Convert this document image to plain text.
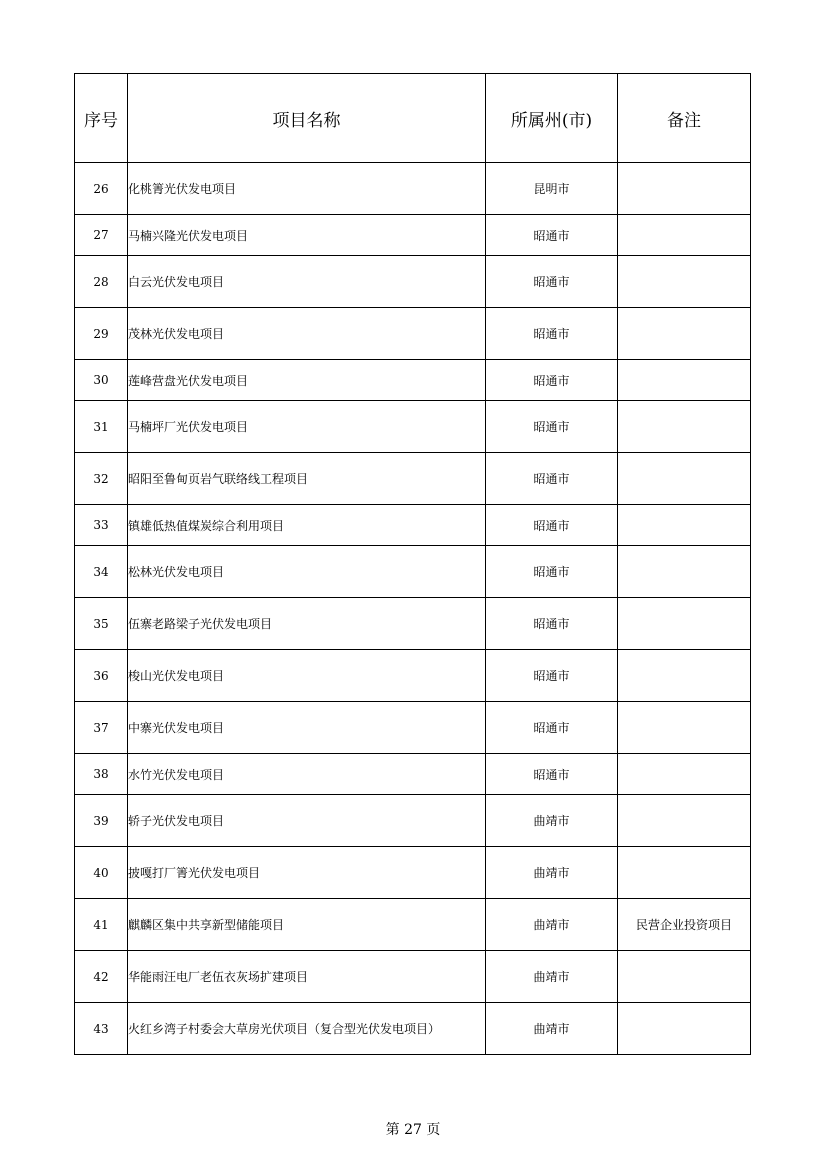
序号	项目名称	所属州(市)	备注
26	化桃箐光伏发电项目	昆明市	
27	马楠兴隆光伏发电项目	昭通市	
28	白云光伏发电项目	昭通市	
29	茂林光伏发电项目	昭通市	
30	莲峰营盘光伏发电项目	昭通市	
31	马楠坪厂光伏发电项目	昭通市	
32	昭阳至鲁甸页岩气联络线工程项目	昭通市	
33	镇雄低热值煤炭综合利用项目	昭通市	
34	松林光伏发电项目	昭通市	
35	伍寨老路梁子光伏发电项目	昭通市	
36	梭山光伏发电项目	昭通市	
37	中寨光伏发电项目	昭通市	
38	水竹光伏发电项目	昭通市	
39	轿子光伏发电项目	曲靖市	
40	披嘎打厂箐光伏发电项目	曲靖市	
41	麒麟区集中共享新型储能项目	曲靖市	民营企业投资项目
42	华能雨汪电厂老伍衣灰场扩建项目	曲靖市	
43	火红乡湾子村委会大草房光伏项目（复合型光伏发电项目）	曲靖市	
第 27 页
